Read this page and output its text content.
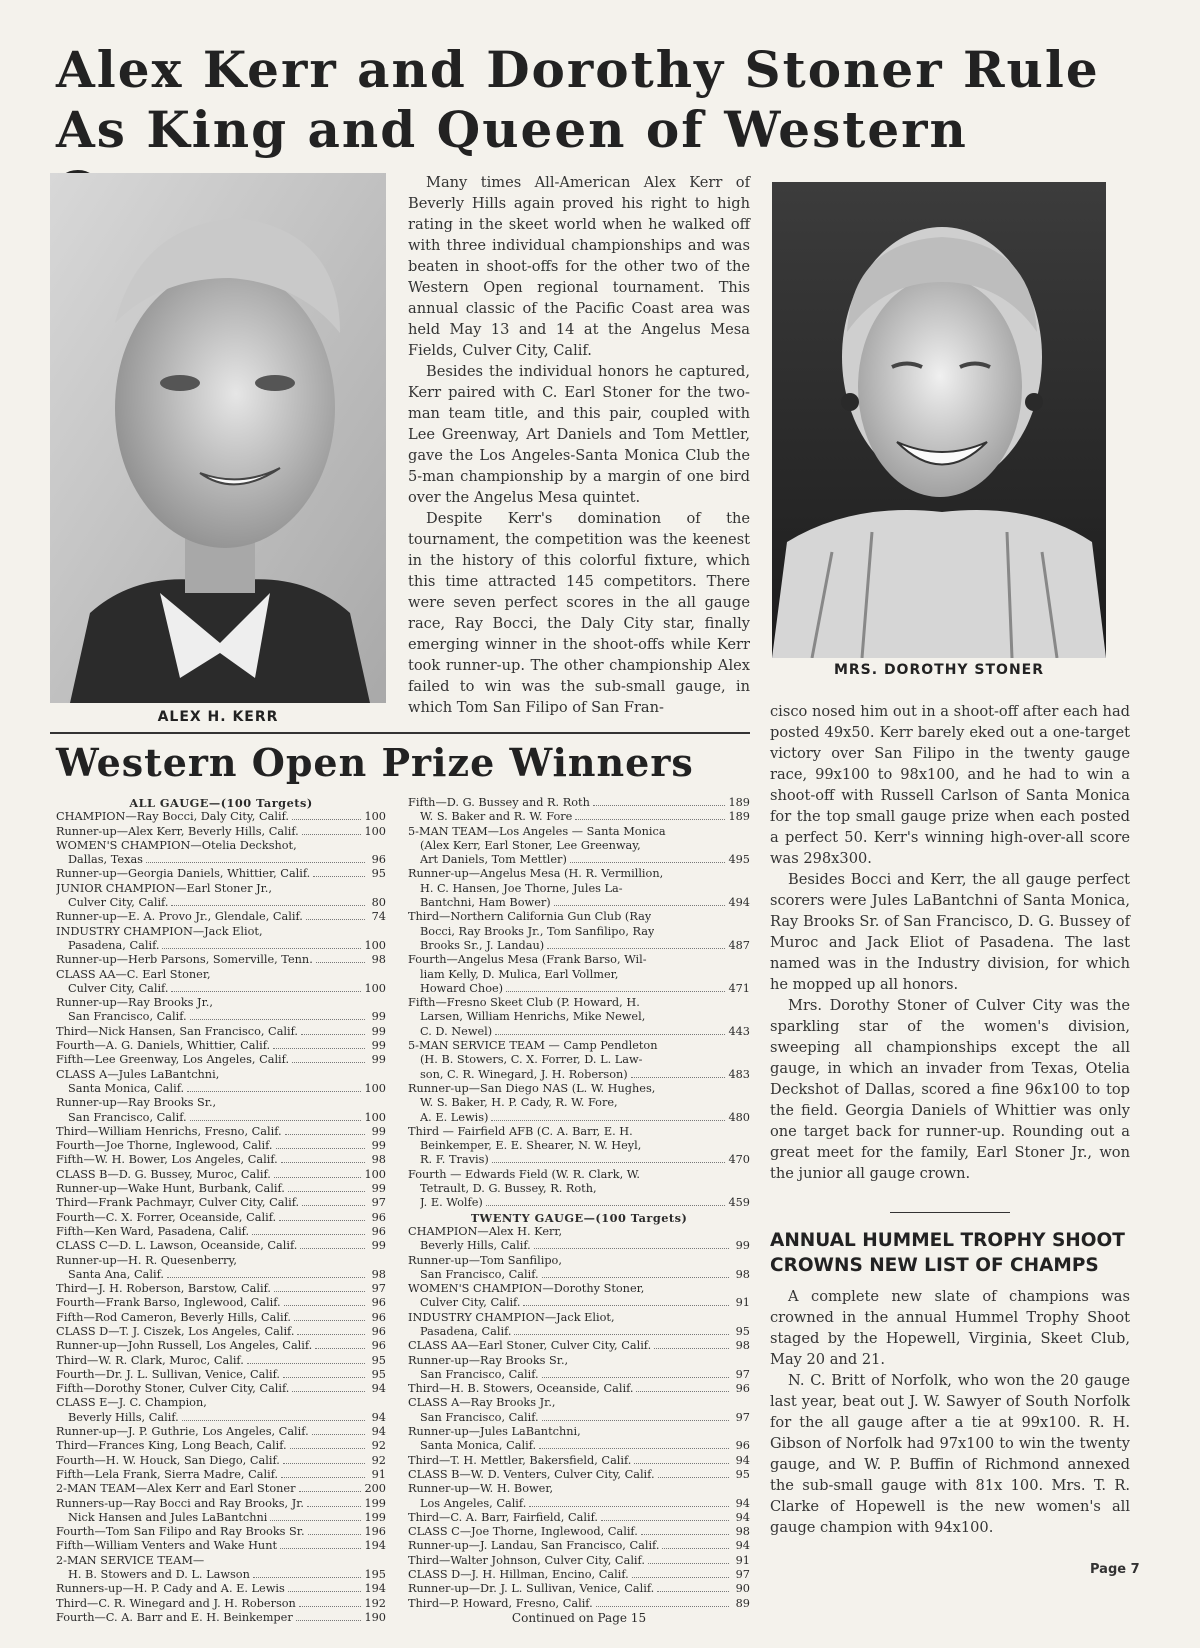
Alex Kerr and Dorothy Stoner Rule
As King and Queen of Western
ALEX H. KERR

Many times All-American Alex Kerr of Beverly Hills again proved his right to high rating in the skeet world when he walked off with three individual championships and was beaten in shoot-offs for the other two of the Western Open regional tournament. This annual classic of the Pacific Coast area was held May 13 and 14 at the Angelus Mesa Fields, Culver City, Calif.

Besides the individual honors he captured, Kerr paired with C. Earl Stoner for the two-man team title, and this pair, coupled with Lee Greenway, Art Daniels and Tom Mettler, gave the Los Angeles-Santa Monica Club the 5-man championship by a margin of one bird over the Angelus Mesa quintet.

Despite Kerr's domination of the tournament, the competition was the keenest in the history of this colorful fixture, which this time attracted 145 competitors. There were seven perfect scores in the all gauge race, Ray Bocci, the Daly City star, finally emerging winner in the shoot-offs while Kerr took runner-up. The other championship Alex failed to win was the sub-small gauge, in which Tom San Filipo of San Fran-

MRS. DOROTHY STONER

cisco nosed him out in a shoot-off after each had posted 49x50. Kerr barely eked out a one-target victory over San Filipo in the twenty gauge race, 99x100 to 98x100, and he had to win a shoot-off with Russell Carlson of Santa Monica for the top small gauge prize when each posted a perfect 50. Kerr's winning high-over-all score was 298x300.

Besides Bocci and Kerr, the all gauge perfect scorers were Jules LaBantchni of Santa Monica, Ray Brooks Sr. of San Francisco, D. G. Bussey of Muroc and Jack Eliot of Pasadena. The last named was in the Industry division, for which he mopped up all honors.

Mrs. Dorothy Stoner of Culver City was the sparkling star of the women's division, sweeping all championships except the all gauge, in which an invader from Texas, Otelia Deckshot of Dallas, scored a fine 96x100 to top the field. Georgia Daniels of Whittier was only one target back for runner-up. Rounding out a great meet for the family, Earl Stoner Jr., won the junior all gauge crown.

Western Open Prize Winners
ALL GAUGE—(100 Targets)
CHAMPION—Ray Bocci, Daly City, Calif.	100
Runner-up—Alex Kerr, Beverly Hills, Calif.	100
WOMEN'S CHAMPION—Otelia Deckshot,
Dallas, Texas	96
Runner-up—Georgia Daniels, Whittier, Calif.	95
JUNIOR CHAMPION—Earl Stoner Jr.,
Culver City, Calif.	80
Runner-up—E. A. Provo Jr., Glendale, Calif.	74
INDUSTRY CHAMPION—Jack Eliot,
Pasadena, Calif.	100
Runner-up—Herb Parsons, Somerville, Tenn.	98
CLASS AA—C. Earl Stoner,
Culver City, Calif.	100
Runner-up—Ray Brooks Jr.,
San Francisco, Calif.	99
Third—Nick Hansen, San Francisco, Calif.	99
Fourth—A. G. Daniels, Whittier, Calif.	99
Fifth—Lee Greenway, Los Angeles, Calif.	99
CLASS A—Jules LaBantchni,
Santa Monica, Calif.	100
Runner-up—Ray Brooks Sr.,
San Francisco, Calif.	100
Third—William Henrichs, Fresno, Calif.	99
Fourth—Joe Thorne, Inglewood, Calif.	99
Fifth—W. H. Bower, Los Angeles, Calif.	98
CLASS B—D. G. Bussey, Muroc, Calif.	100
Runner-up—Wake Hunt, Burbank, Calif.	99
Third—Frank Pachmayr, Culver City, Calif.	97
Fourth—C. X. Forrer, Oceanside, Calif.	96
Fifth—Ken Ward, Pasadena, Calif.	96
CLASS C—D. L. Lawson, Oceanside, Calif.	99
Runner-up—H. R. Quesenberry,
Santa Ana, Calif.	98
Third—J. H. Roberson, Barstow, Calif.	97
Fourth—Frank Barso, Inglewood, Calif.	96
Fifth—Rod Cameron, Beverly Hills, Calif.	96
CLASS D—T. J. Ciszek, Los Angeles, Calif.	96
Runner-up—John Russell, Los Angeles, Calif.	96
Third—W. R. Clark, Muroc, Calif.	95
Fourth—Dr. J. L. Sullivan, Venice, Calif.	95
Fifth—Dorothy Stoner, Culver City, Calif.	94
CLASS E—J. C. Champion,
Beverly Hills, Calif.	94
Runner-up—J. P. Guthrie, Los Angeles, Calif.	94
Third—Frances King, Long Beach, Calif.	92
Fourth—H. W. Houck, San Diego, Calif.	92
Fifth—Lela Frank, Sierra Madre, Calif.	91
2-MAN TEAM—Alex Kerr and Earl Stoner	200
Runners-up—Ray Bocci and Ray Brooks, Jr.	199
Nick Hansen and Jules LaBantchni	199
Fourth—Tom San Filipo and Ray Brooks Sr.	196
Fifth—William Venters and Wake Hunt	194
2-MAN SERVICE TEAM—
H. B. Stowers and D. L. Lawson	195
Runners-up—H. P. Cady and A. E. Lewis	194
Third—C. R. Winegard and J. H. Roberson	192
Fourth—C. A. Barr and E. H. Beinkemper	190
Fifth—D. G. Bussey and R. Roth	189
W. S. Baker and R. W. Fore	189
5-MAN TEAM—Los Angeles — Santa Monica
(Alex Kerr, Earl Stoner, Lee Greenway,
Art Daniels, Tom Mettler)	495
Runner-up—Angelus Mesa (H. R. Vermillion,
H. C. Hansen, Joe Thorne, Jules La-
Bantchni, Ham Bower)	494
Third—Northern California Gun Club (Ray
Bocci, Ray Brooks Jr., Tom Sanfilipo, Ray
Brooks Sr., J. Landau)	487
Fourth—Angelus Mesa (Frank Barso, Wil-
liam Kelly, D. Mulica, Earl Vollmer,
Howard Choe)	471
Fifth—Fresno Skeet Club (P. Howard, H.
Larsen, William Henrichs, Mike Newel,
C. D. Newel)	443
5-MAN SERVICE TEAM — Camp Pendleton
(H. B. Stowers, C. X. Forrer, D. L. Law-
son, C. R. Winegard, J. H. Roberson)	483
Runner-up—San Diego NAS (L. W. Hughes,
W. S. Baker, H. P. Cady, R. W. Fore,
A. E. Lewis)	480
Third — Fairfield AFB (C. A. Barr, E. H.
Beinkemper, E. E. Shearer, N. W. Heyl,
R. F. Travis)	470
Fourth — Edwards Field (W. R. Clark, W.
Tetrault, D. G. Bussey, R. Roth,
J. E. Wolfe)	459
TWENTY GAUGE—(100 Targets)
CHAMPION—Alex H. Kerr,
Beverly Hills, Calif.	99
Runner-up—Tom Sanfilipo,
San Francisco, Calif.	98
WOMEN'S CHAMPION—Dorothy Stoner,
Culver City, Calif.	91
INDUSTRY CHAMPION—Jack Eliot,
Pasadena, Calif.	95
CLASS AA—Earl Stoner, Culver City, Calif.	98
Runner-up—Ray Brooks Sr.,
San Francisco, Calif.	97
Third—H. B. Stowers, Oceanside, Calif.	96
CLASS A—Ray Brooks Jr.,
San Francisco, Calif.	97
Runner-up—Jules LaBantchni,
Santa Monica, Calif.	96
Third—T. H. Mettler, Bakersfield, Calif.	94
CLASS B—W. D. Venters, Culver City, Calif.	95
Runner-up—W. H. Bower,
Los Angeles, Calif.	94
Third—C. A. Barr, Fairfield, Calif.	94
CLASS C—Joe Thorne, Inglewood, Calif.	98
Runner-up—J. Landau, San Francisco, Calif.	94
Third—Walter Johnson, Culver City, Calif.	91
CLASS D—J. H. Hillman, Encino, Calif.	97
Runner-up—Dr. J. L. Sullivan, Venice, Calif.	90
Third—P. Howard, Fresno, Calif.	89
Continued on Page 15
ANNUAL HUMMEL TROPHY SHOOT
CROWNS NEW LIST OF CHAMPS

A complete new slate of champions was crowned in the annual Hummel Trophy Shoot staged by the Hopewell, Virginia, Skeet Club, May 20 and 21.

N. C. Britt of Norfolk, who won the 20 gauge last year, beat out J. W. Sawyer of South Norfolk for the all gauge after a tie at 99x100. R. H. Gibson of Norfolk had 97x100 to win the twenty gauge, and W. P. Buffin of Richmond annexed the sub-small gauge with 81x 100. Mrs. T. R. Clarke of Hopewell is the new women's all gauge champion with 94x100.

Page 7
